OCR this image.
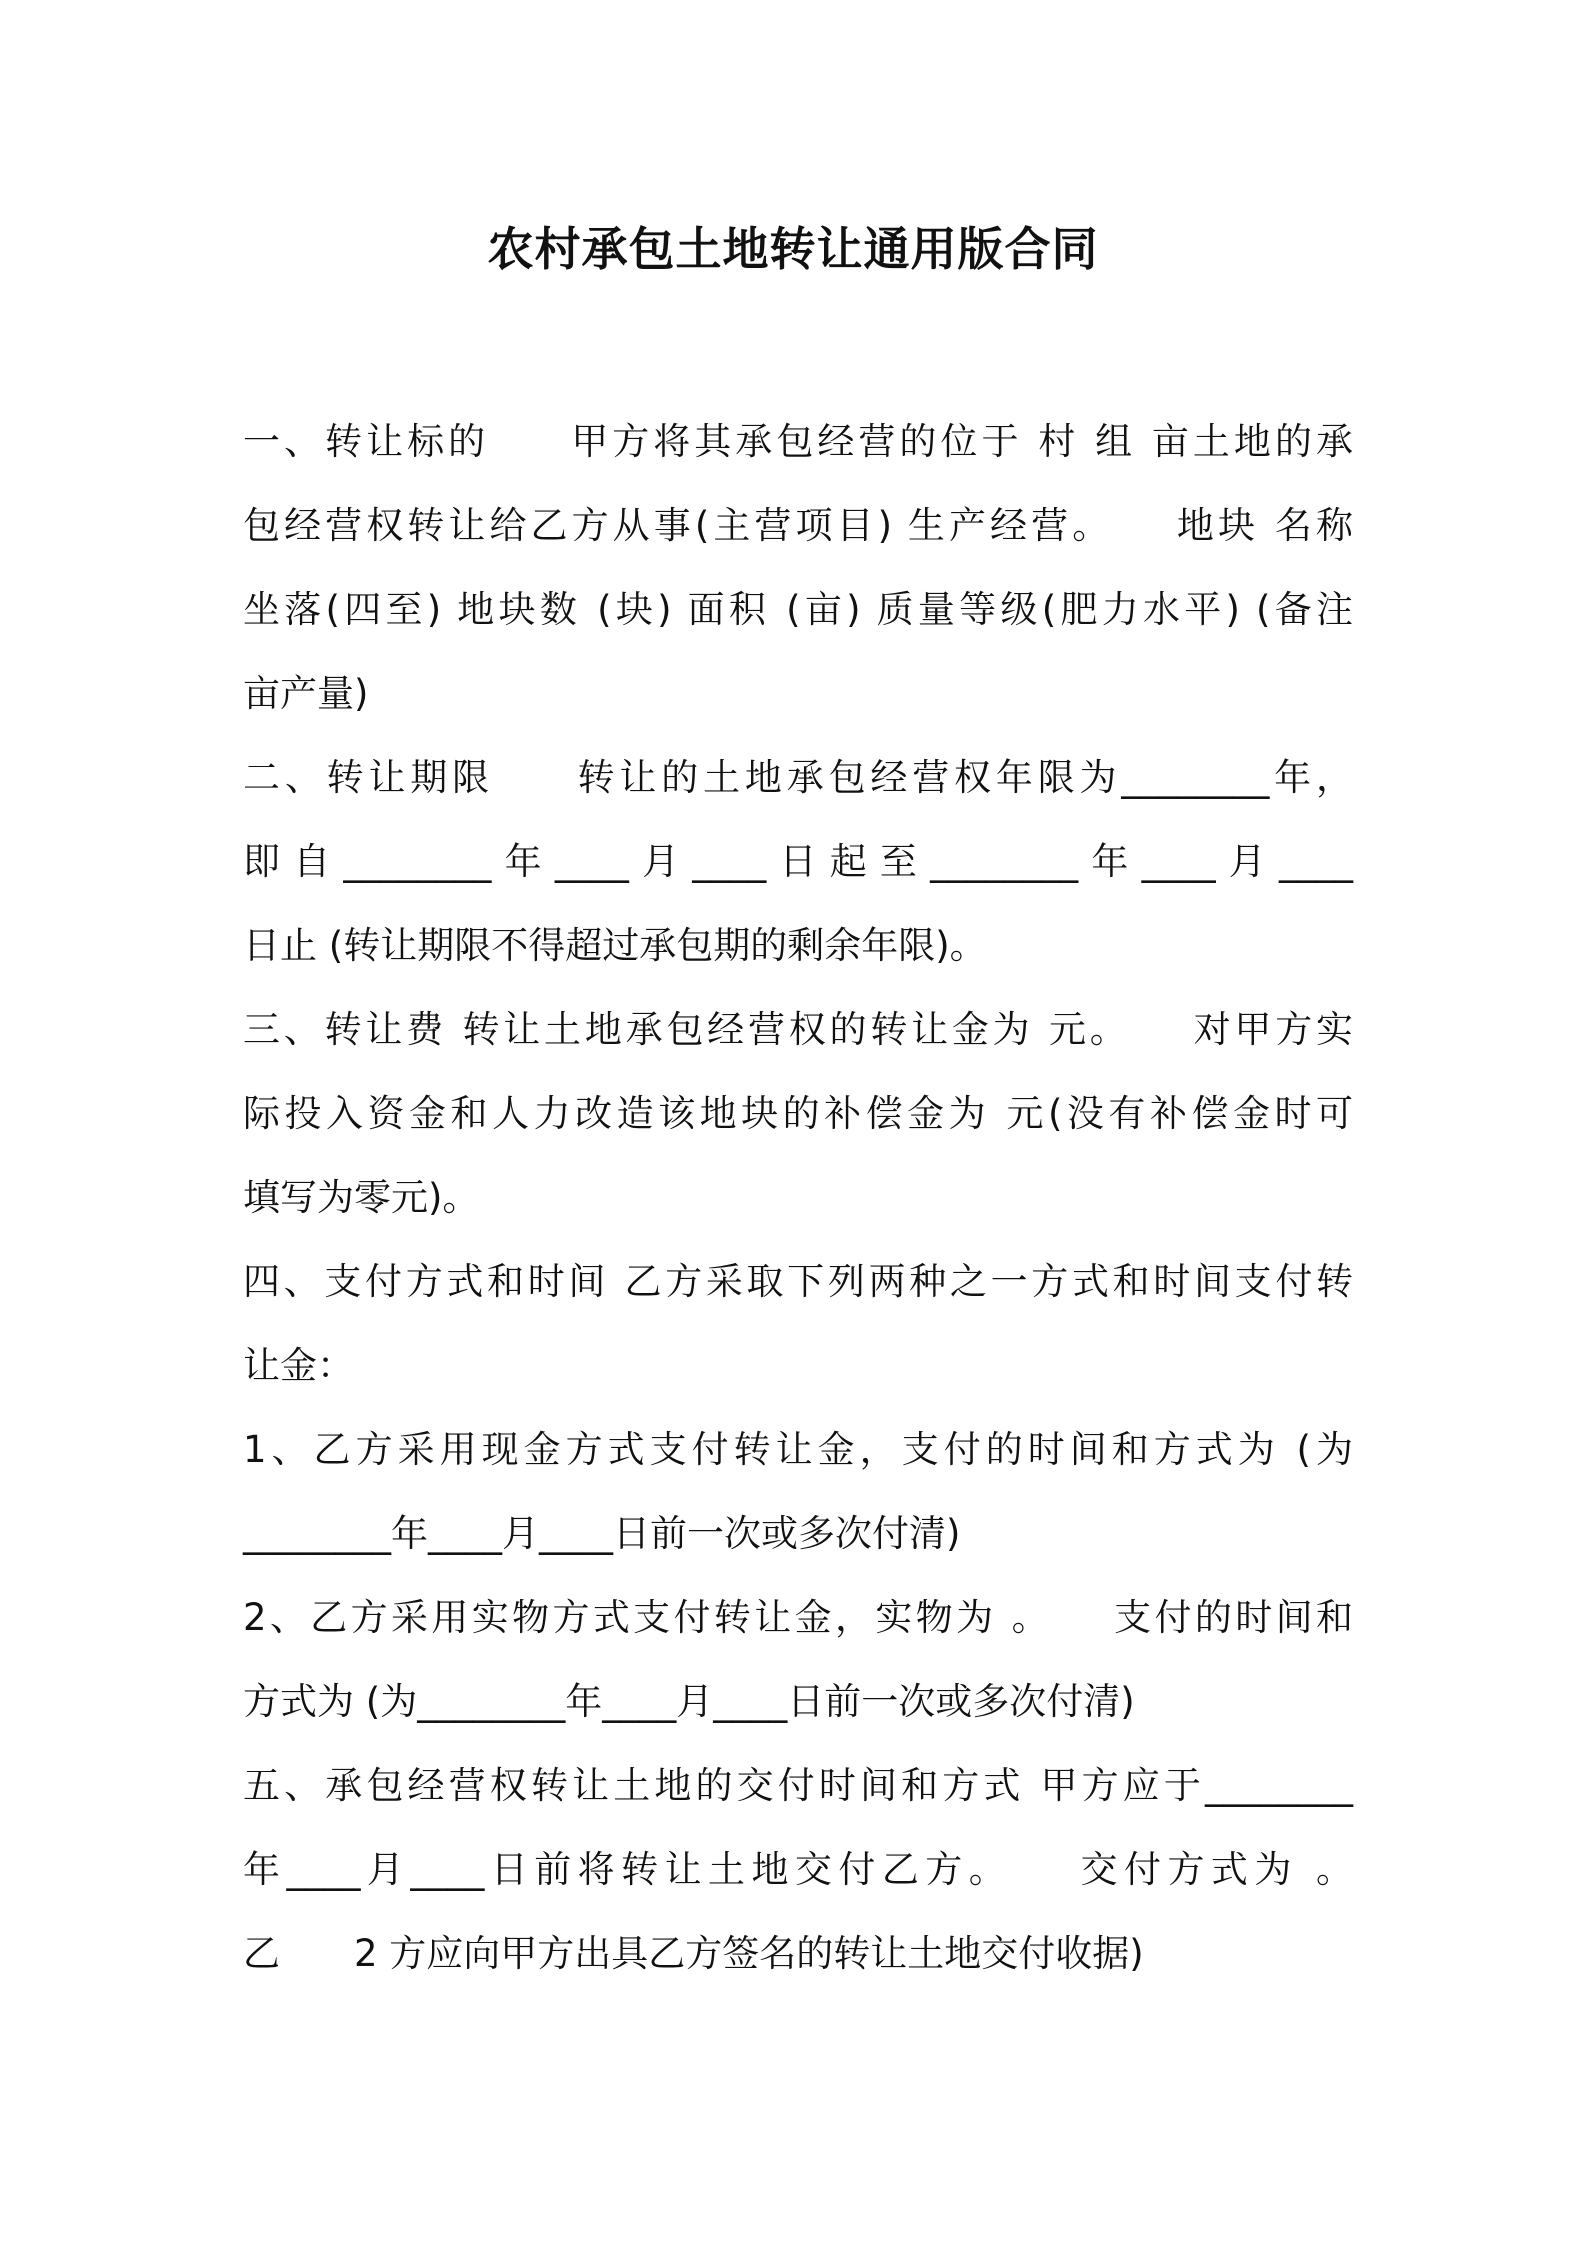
农村承包土地转让通用版合同
一、转让标的　　甲方将其承包经营的位于 村 组 亩土地的承
包经营权转让给乙方从事(主营项目) 生产经营。　　地块 名称
坐落(四至) 地块数 (块) 面积 (亩) 质量等级(肥力水平) (备注
亩产量)
二、转让期限　　转让的土地承包经营权年限为________年，
即自________年____月____日起至________年____月____
日止 (转让期限不得超过承包期的剩余年限)。
三、转让费 转让土地承包经营权的转让金为 元。　　对甲方实
际投入资金和人力改造该地块的补偿金为 元(没有补偿金时可
填写为零元)。
四、支付方式和时间 乙方采取下列两种之一方式和时间支付转
让金：
1、乙方采用现金方式支付转让金，支付的时间和方式为 (为
________年____月____日前一次或多次付清)
2、乙方采用实物方式支付转让金，实物为 。　　支付的时间和
方式为 (为________年____月____日前一次或多次付清)
五、承包经营权转让土地的交付时间和方式 甲方应于________
年____月____日前将转让土地交付乙方。　　交付方式为 。
乙　　2 方应向甲方出具乙方签名的转让土地交付收据)
